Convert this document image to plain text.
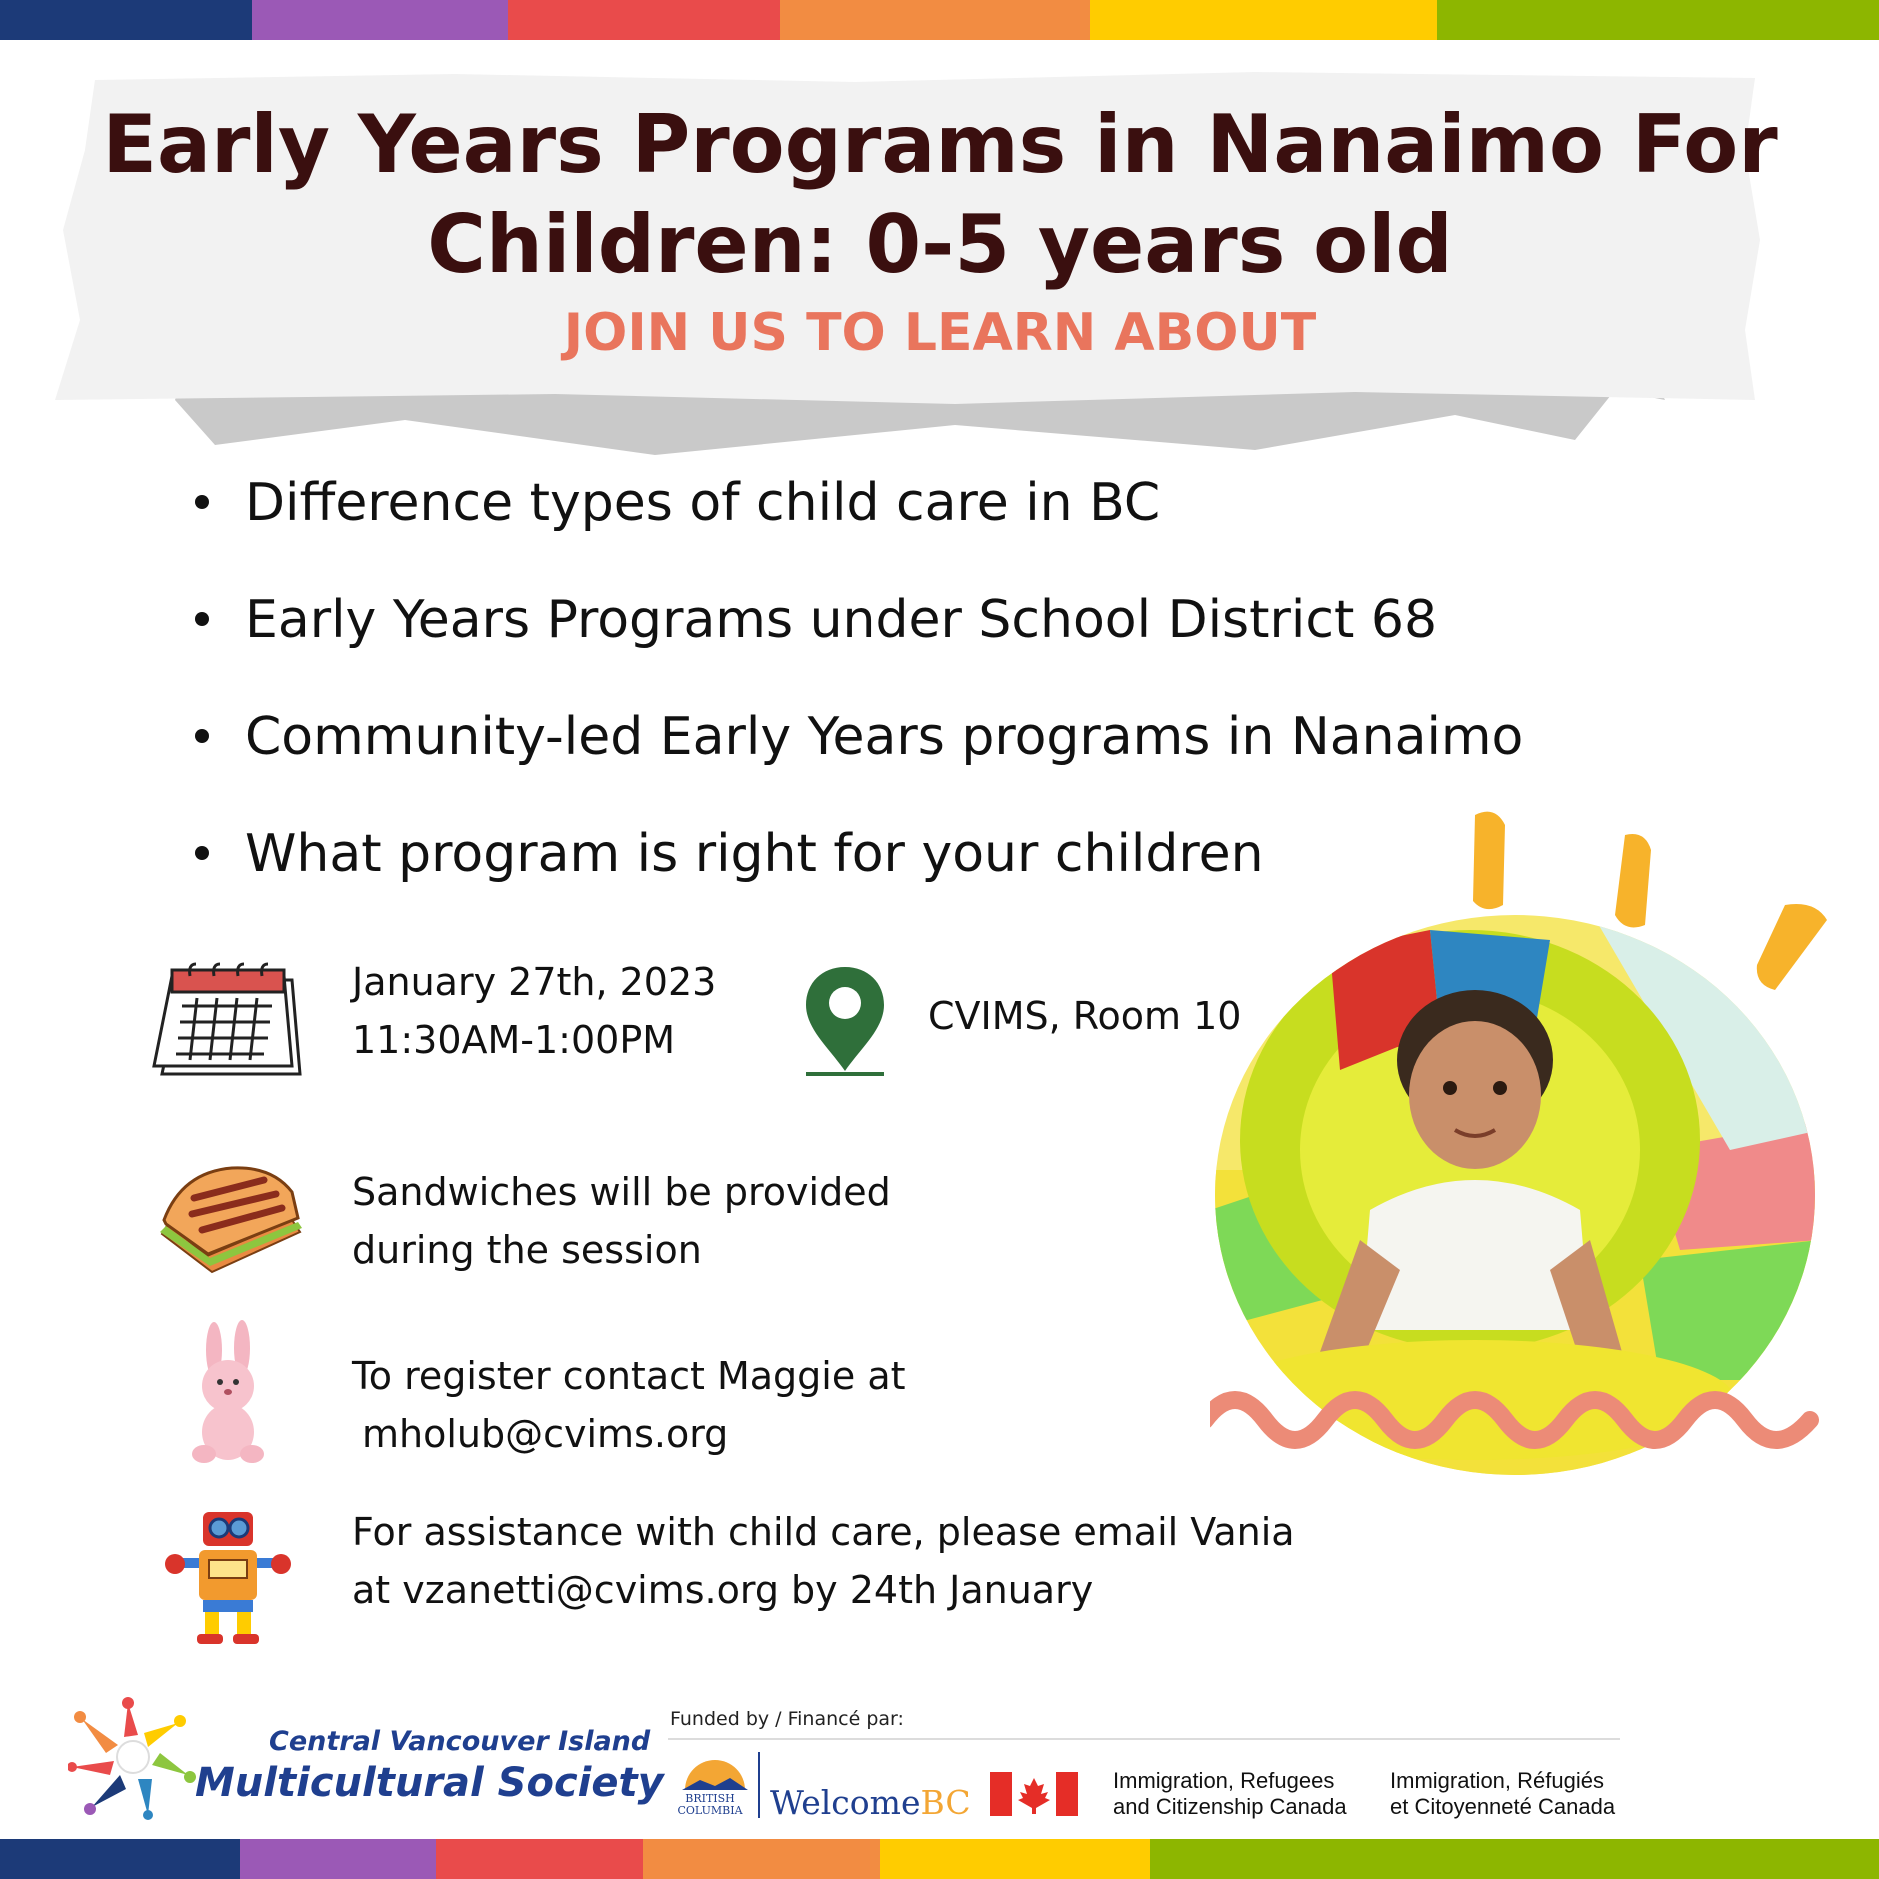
Early Years Programs in Nanaimo For
Children: 0-5 years old
JOIN US TO LEARN ABOUT
Difference types of child care in BC
Early Years Programs under School District 68
Community-led Early Years programs in Nanaimo
What program is right for your children
January 27th, 2023
11:30AM-1:00PM
CVIMS, Room 10
Sandwiches will be provided
during the session
To register contact Maggie at
mholub@cvims.org
For assistance with child care, please email Vania
at vzanetti@cvims.org by 24th January
Central Vancouver Island
Multicultural Society
Funded by / Financé par:
BRITISH
COLUMBIA WelcomeBC
Immigration, Refugees
and Citizenship Canada
Immigration, Réfugiés
et Citoyenneté Canada
